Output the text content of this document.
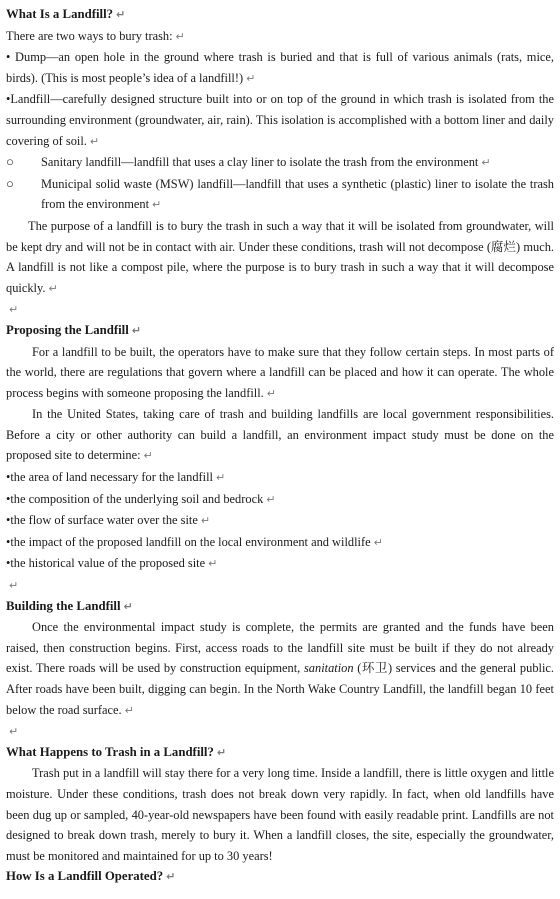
What Is a Landfill? ↵

There are two ways to bury trash: ↵

• Dump—an open hole in the ground where trash is buried and that is full of various animals (rats, mice, birds). (This is most people’s idea of a landfill!) ↵

•Landfill—carefully designed structure built into or on top of the ground in which trash is isolated from the surrounding environment (groundwater, air, rain). This isolation is accomplished with a bottom liner and daily covering of soil. ↵

○	Sanitary landfill—landfill that uses a clay liner to isolate the trash from the environment ↵
○	Municipal solid waste (MSW) landfill—landfill that uses a synthetic (plastic) liner to isolate the trash from the environment ↵

The purpose of a landfill is to bury the trash in such a way that it will be isolated from groundwater, will be kept dry and will not be in contact with air. Under these conditions, trash will not decompose (腐烂) much. A landfill is not like a compost pile, where the purpose is to bury trash in such a way that it will decompose quickly. ↵

↵

Proposing the Landfill ↵

For a landfill to be built, the operators have to make sure that they follow certain steps. In most parts of the world, there are regulations that govern where a landfill can be placed and how it can operate. The whole process begins with someone proposing the landfill. ↵

In the United States, taking care of trash and building landfills are local government responsibilities. Before a city or other authority can build a landfill, an environment impact study must be done on the proposed site to determine: ↵

•the area of land necessary for the landfill ↵

•the composition of the underlying soil and bedrock ↵

•the flow of surface water over the site ↵

•the impact of the proposed landfill on the local environment and wildlife ↵

•the historical value of the proposed site ↵

↵

Building the Landfill ↵

Once the environmental impact study is complete, the permits are granted and the funds have been raised, then construction begins. First, access roads to the landfill site must be built if they do not already exist. There roads will be used by construction equipment, sanitation (环卫) services and the general public. After roads have been built, digging can begin. In the North Wake Country Landfill, the landfill began 10 feet below the road surface. ↵

↵

What Happens to Trash in a Landfill? ↵

Trash put in a landfill will stay there for a very long time. Inside a landfill, there is little oxygen and little moisture. Under these conditions, trash does not break down very rapidly. In fact, when old landfills have been dug up or sampled, 40-year-old newspapers have been found with easily readable print. Landfills are not designed to break down trash, merely to bury it. When a landfill closes, the site, especially the groundwater, must be monitored and maintained for up to 30 years!

How Is a Landfill Operated? ↵
